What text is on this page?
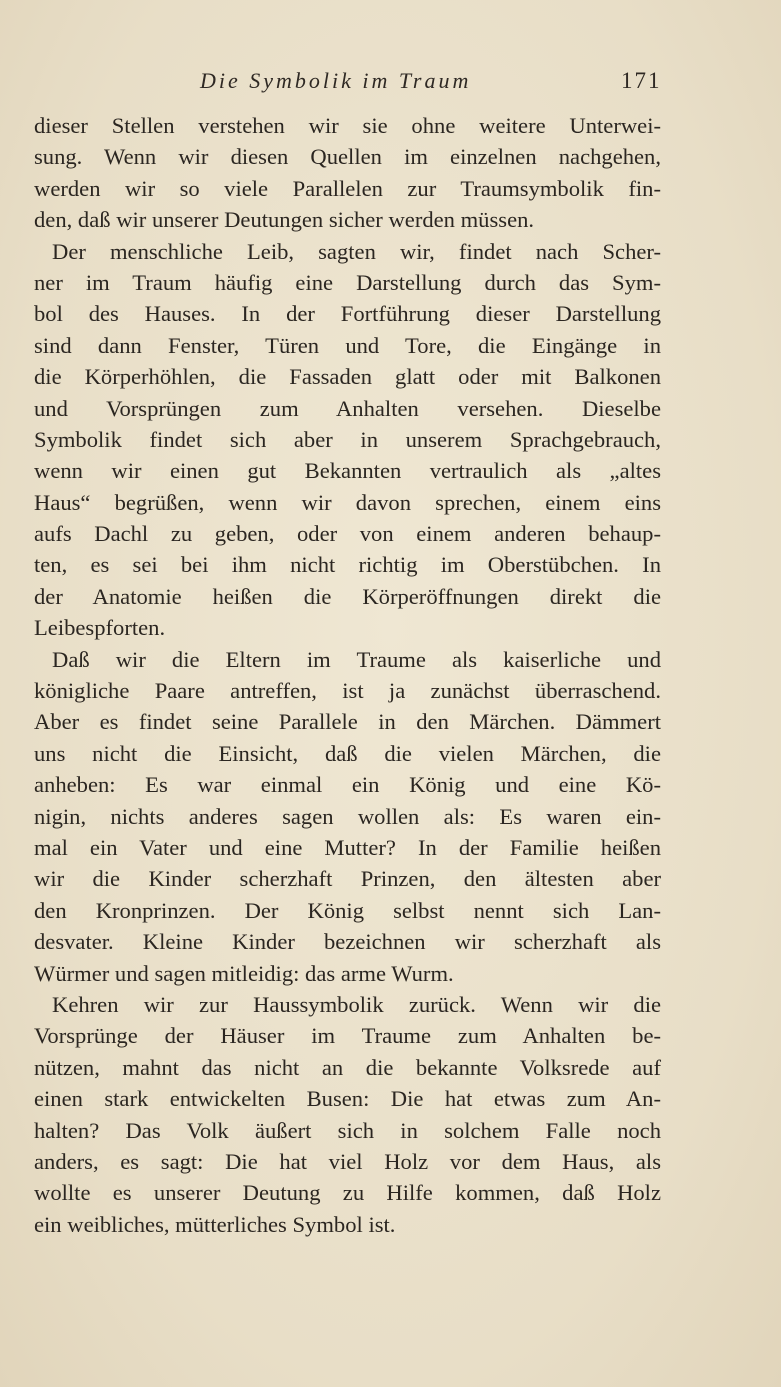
Die Symbolik im Traum	171
dieser Stellen verstehen wir sie ohne weitere Unterwei-
sung. Wenn wir diesen Quellen im einzelnen nachgehen,
werden wir so viele Parallelen zur Traumsymbolik fin-
den, daß wir unserer Deutungen sicher werden müssen.
Der menschliche Leib, sagten wir, findet nach Scher-
ner im Traum häufig eine Darstellung durch das Sym-
bol des Hauses. In der Fortführung dieser Darstellung
sind dann Fenster, Türen und Tore, die Eingänge in
die Körperhöhlen, die Fassaden glatt oder mit Balkonen
und Vorsprüngen zum Anhalten versehen. Dieselbe
Symbolik findet sich aber in unserem Sprachgebrauch,
wenn wir einen gut Bekannten vertraulich als „altes
Haus“ begrüßen, wenn wir davon sprechen, einem eins
aufs Dachl zu geben, oder von einem anderen behaup-
ten, es sei bei ihm nicht richtig im Oberstübchen. In
der Anatomie heißen die Körperöffnungen direkt die
Leibespforten.
Daß wir die Eltern im Traume als kaiserliche und
königliche Paare antreffen, ist ja zunächst überraschend.
Aber es findet seine Parallele in den Märchen. Dämmert
uns nicht die Einsicht, daß die vielen Märchen, die
anheben: Es war einmal ein König und eine Kö-
nigin, nichts anderes sagen wollen als: Es waren ein-
mal ein Vater und eine Mutter? In der Familie heißen
wir die Kinder scherzhaft Prinzen, den ältesten aber
den Kronprinzen. Der König selbst nennt sich Lan-
desvater. Kleine Kinder bezeichnen wir scherzhaft als
Würmer und sagen mitleidig: das arme Wurm.
Kehren wir zur Haussymbolik zurück. Wenn wir die
Vorsprünge der Häuser im Traume zum Anhalten be-
nützen, mahnt das nicht an die bekannte Volksrede auf
einen stark entwickelten Busen: Die hat etwas zum An-
halten? Das Volk äußert sich in solchem Falle noch
anders, es sagt: Die hat viel Holz vor dem Haus, als
wollte es unserer Deutung zu Hilfe kommen, daß Holz
ein weibliches, mütterliches Symbol ist.
